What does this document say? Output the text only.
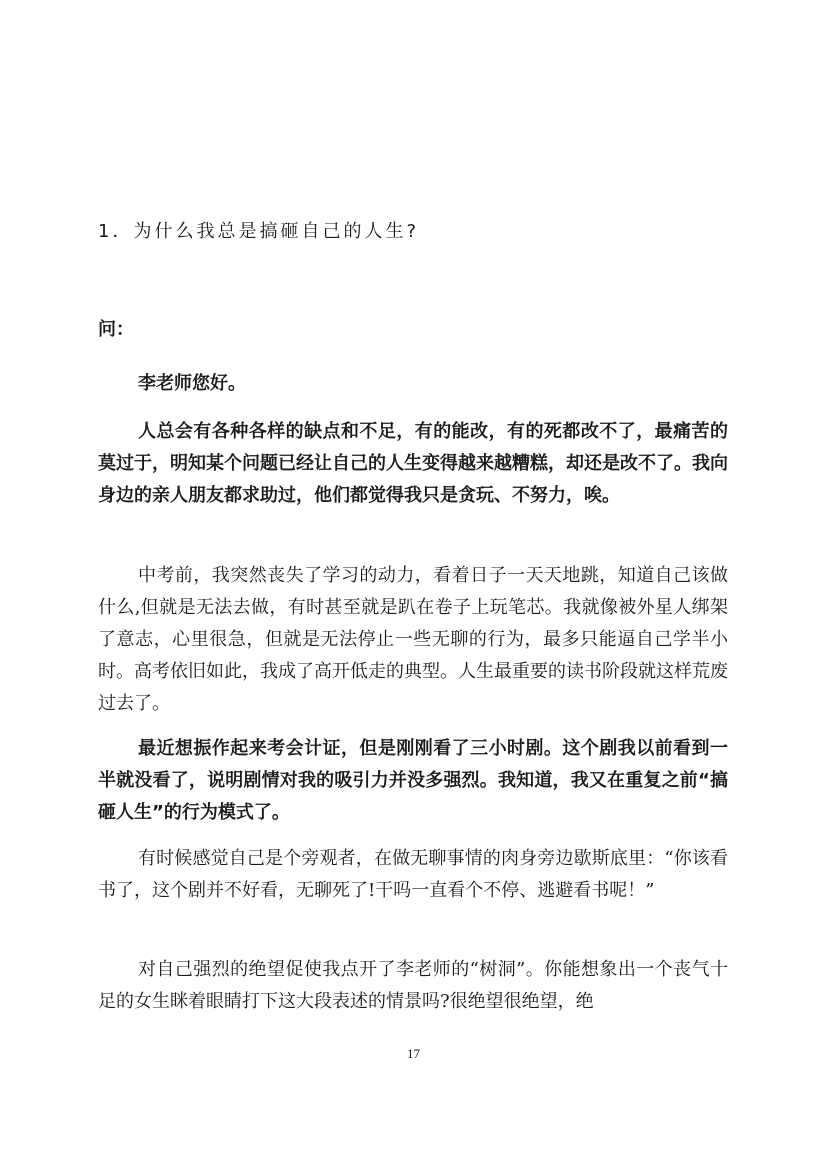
1．为什么我总是搞砸自己的人生?
问：

李老师您好。

人总会有各种各样的缺点和不足，有的能改，有的死都改不了，最痛苦的莫过于，明知某个问题已经让自己的人生变得越来越糟糕，却还是改不了。我向身边的亲人朋友都求助过，他们都觉得我只是贪玩、不努力，唉。

中考前，我突然丧失了学习的动力，看着日子一天天地跳，知道自己该做什么,但就是无法去做，有时甚至就是趴在卷子上玩笔芯。我就像被外星人绑架了意志，心里很急，但就是无法停止一些无聊的行为，最多只能逼自己学半小时。高考依旧如此，我成了高开低走的典型。人生最重要的读书阶段就这样荒废过去了。

最近想振作起来考会计证，但是刚刚看了三小时剧。这个剧我以前看到一半就没看了，说明剧情对我的吸引力并没多强烈。我知道，我又在重复之前“搞砸人生”的行为模式了。

有时候感觉自己是个旁观者，在做无聊事情的肉身旁边歇斯底里：“你该看书了，这个剧并不好看，无聊死了!干吗一直看个不停、逃避看书呢！”

对自己强烈的绝望促使我点开了李老师的“树洞”。你能想象出一个丧气十足的女生眯着眼睛打下这大段表述的情景吗?很绝望很绝望，绝

17
